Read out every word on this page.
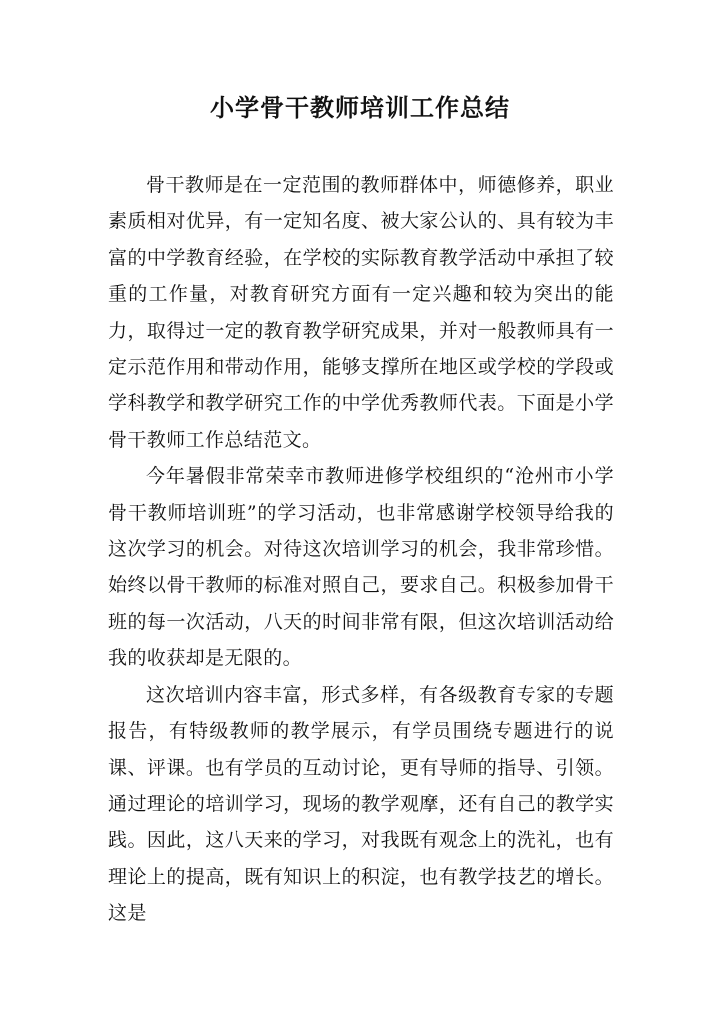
小学骨干教师培训工作总结

骨干教师是在一定范围的教师群体中，师德修养，职业素质相对优异，有一定知名度、被大家公认的、具有较为丰富的中学教育经验，在学校的实际教育教学活动中承担了较重的工作量，对教育研究方面有一定兴趣和较为突出的能力，取得过一定的教育教学研究成果，并对一般教师具有一定示范作用和带动作用，能够支撑所在地区或学校的学段或学科教学和教学研究工作的中学优秀教师代表。下面是小学骨干教师工作总结范文。

今年暑假非常荣幸市教师进修学校组织的“沧州市小学骨干教师培训班”的学习活动，也非常感谢学校领导给我的这次学习的机会。对待这次培训学习的机会，我非常珍惜。始终以骨干教师的标准对照自己，要求自己。积极参加骨干班的每一次活动，八天的时间非常有限，但这次培训活动给我的收获却是无限的。

这次培训内容丰富，形式多样，有各级教育专家的专题报告，有特级教师的教学展示，有学员围绕专题进行的说课、评课。也有学员的互动讨论，更有导师的指导、引领。通过理论的培训学习，现场的教学观摩，还有自己的教学实践。因此，这八天来的学习，对我既有观念上的洗礼，也有理论上的提高，既有知识上的积淀，也有教学技艺的增长。这是
